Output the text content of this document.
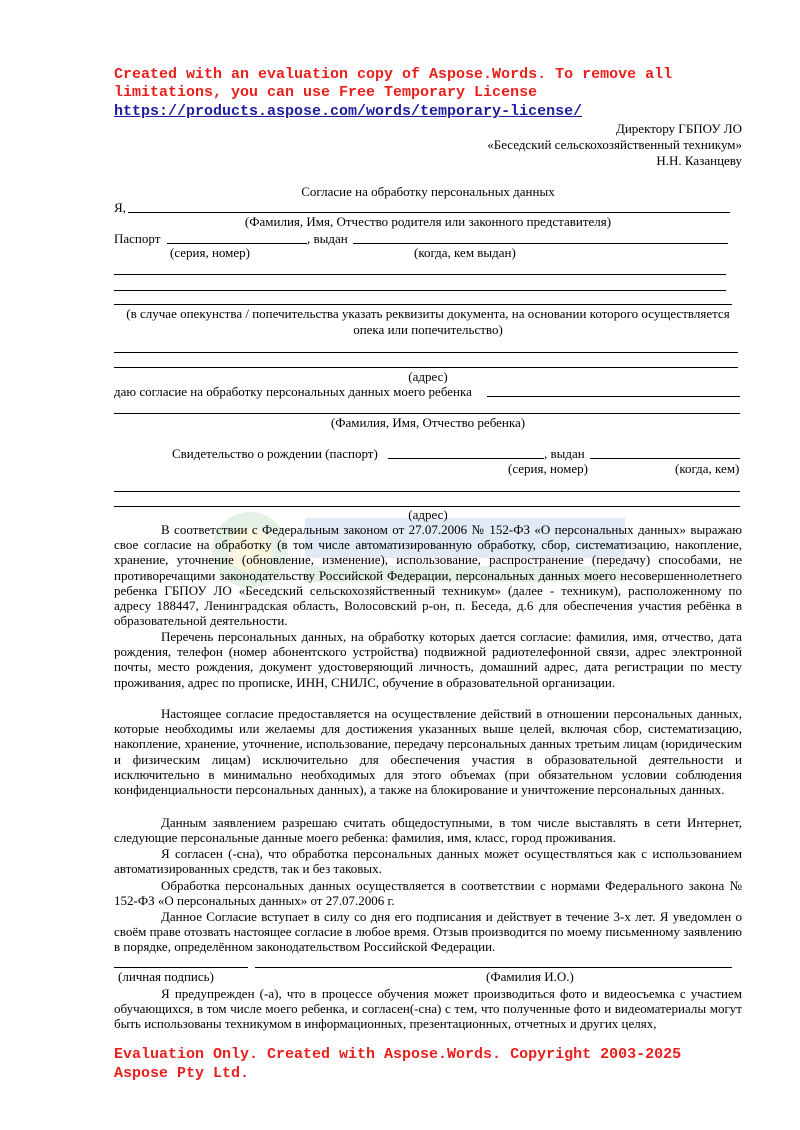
Created with an evaluation copy of Aspose.Words. To remove all
limitations, you can use Free Temporary License
https://products.aspose.com/words/temporary-license/
Директору ГБПОУ ЛО
«Беседский сельскохозяйственный техникум»
Н.Н. Казанцеву
Согласие на обработку персональных данных
Я,
(Фамилия, Имя, Отчество родителя или законного представителя)
Паспорт	, выдан
(серия, номер)	(когда, кем выдан)
(в случае опекунства / попечительства указать реквизиты документа, на основании которого осуществляется
опека или попечительство)
(адрес)
даю согласие на обработку персональных данных моего ребенка
(Фамилия, Имя, Отчество ребенка)
Свидетельство о рождении (паспорт)	, выдан
(серия, номер)	(когда, кем)
(адрес)
В соответствии с Федеральным законом от 27.07.2006 № 152-ФЗ «О персональных данных» выражаю свое согласие на обработку (в том числе автоматизированную обработку, сбор, систематизацию, накопление, хранение, уточнение (обновление, изменение), использование, распространение (передачу) способами, не противоречащими законодательству Российской Федерации, персональных данных моего несовершеннолетнего ребенка ГБПОУ ЛО «Беседский сельскохозяйственный техникум» (далее - техникум), расположенному по адресу 188447, Ленинградская область, Волосовский р-он, п. Беседа, д.6 для обеспечения участия ребёнка в образовательной деятельности.
Перечень персональных данных, на обработку которых дается согласие: фамилия, имя, отчество, дата рождения, телефон (номер абонентского устройства) подвижной радиотелефонной связи, адрес электронной почты, место рождения, документ удостоверяющий личность, домашний адрес, дата регистрации по месту проживания, адрес по прописке, ИНН, СНИЛС, обучение в образовательной организации.
Настоящее согласие предоставляется на осуществление действий в отношении персональных данных, которые необходимы или желаемы для достижения указанных выше целей, включая сбор, систематизацию, накопление, хранение, уточнение, использование, передачу персональных данных третьим лицам (юридическим и физическим лицам) исключительно для обеспечения участия в образовательной деятельности и исключительно в минимально необходимых для этого объемах (при обязательном условии соблюдения конфиденциальности персональных данных), а также на блокирование и уничтожение персональных данных.
Данным заявлением разрешаю считать общедоступными, в том числе выставлять в сети Интернет, следующие персональные данные моего ребенка: фамилия, имя, класс, город проживания.
Я согласен (-сна), что обработка персональных данных может осуществляться как с использованием автоматизированных средств, так и без таковых.
Обработка персональных данных осуществляется в соответствии с нормами Федерального закона № 152-ФЗ «О персональных данных» от 27.07.2006 г.
Данное Согласие вступает в силу со дня его подписания и действует в течение 3-х лет. Я уведомлен о своём праве отозвать настоящее согласие в любое время. Отзыв производится по моему письменному заявлению в порядке, определённом законодательством Российской Федерации.
(личная подпись)	(Фамилия И.О.)
Я предупрежден (-а), что в процессе обучения может производиться фото и видеосъемка с участием обучающихся, в том числе моего ребенка, и согласен(-сна) с тем, что полученные фото и видеоматериалы могут быть использованы техникумом в информационных, презентационных, отчетных и других целях,
Evaluation Only. Created with Aspose.Words. Copyright 2003-2025
Aspose Pty Ltd.
